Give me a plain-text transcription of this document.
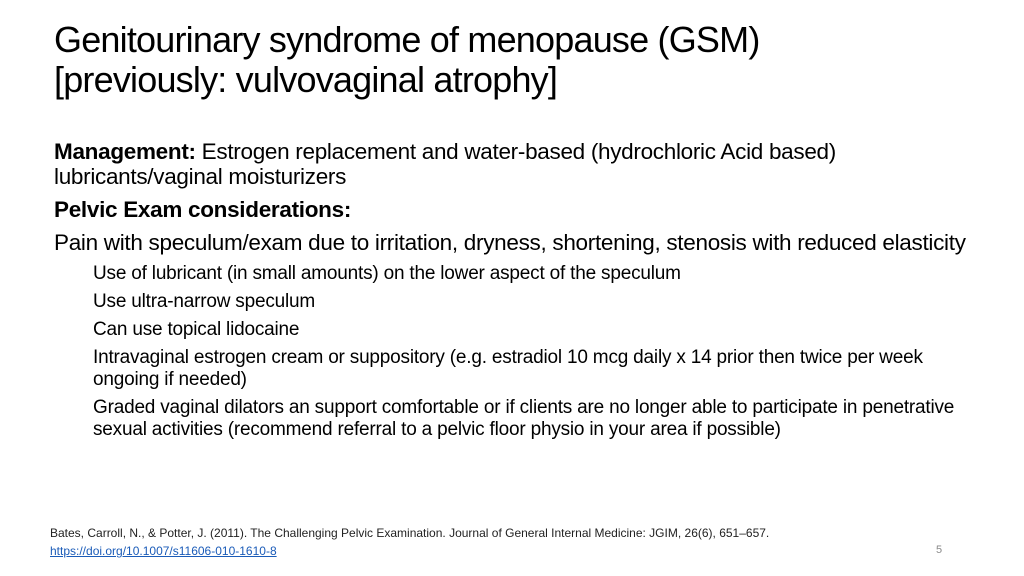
Genitourinary syndrome of menopause (GSM)
[previously: vulvovaginal atrophy]

Management: Estrogen replacement and water-based (hydrochloric Acid based) lubricants/vaginal moisturizers

Pelvic Exam considerations:

Pain with speculum/exam due to irritation, dryness, shortening, stenosis with reduced elasticity

Use of lubricant (in small amounts) on the lower aspect of the speculum
Use ultra-narrow speculum
Can use topical lidocaine
Intravaginal estrogen cream or suppository (e.g. estradiol 10 mcg daily x 14 prior then twice per week ongoing if needed)
Graded vaginal dilators an support comfortable or if clients are no longer able to participate in penetrative sexual activities (recommend referral to a pelvic floor physio in your area if possible)
Bates, Carroll, N., & Potter, J. (2011). The Challenging Pelvic Examination. Journal of General Internal Medicine: JGIM, 26(6), 651–657.
https://doi.org/10.1007/s11606-010-1610-8	5
